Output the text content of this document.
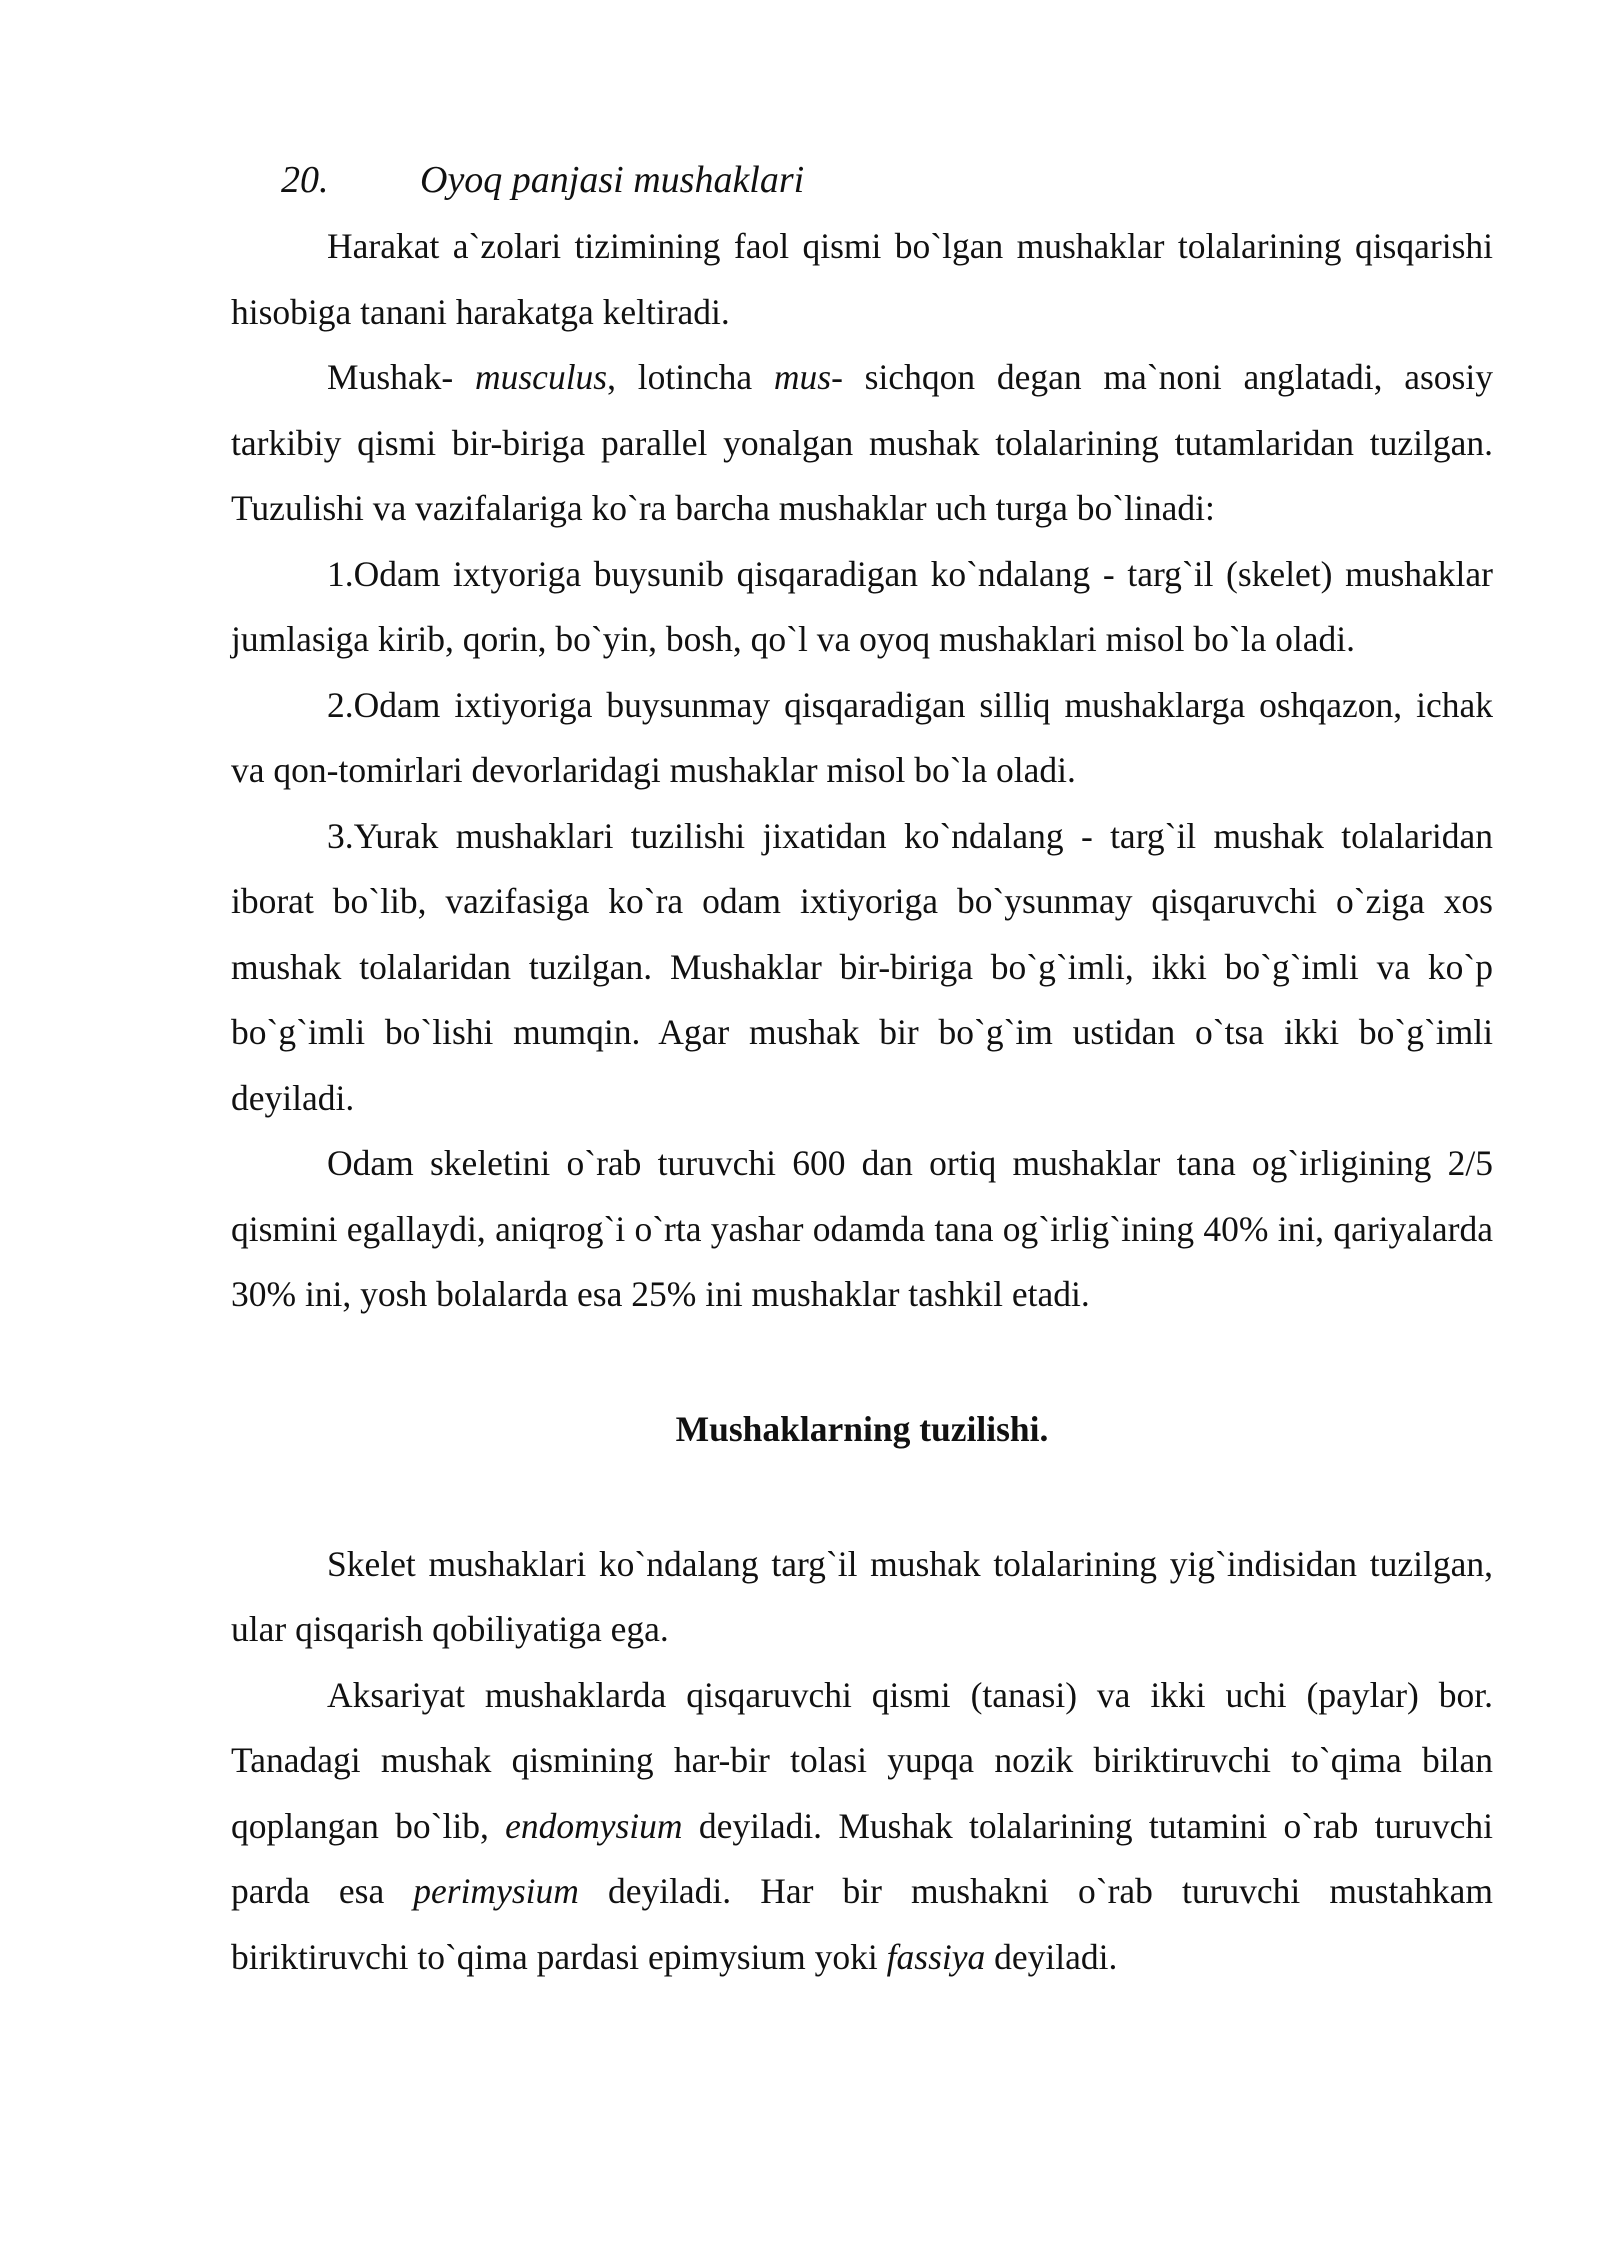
20. Oyoq panjasi mushaklari

Harakat a`zolari tizimining faol qismi bo`lgan mushaklar tolalarining qisqarishi hisobiga tanani harakatga keltiradi.

Mushak- musculus, lotincha mus- sichqon degan ma`noni anglatadi, asosiy tarkibiy qismi bir-biriga parallel yonalgan mushak tolalarining tutamlaridan tuzilgan. Tuzulishi va vazifalariga ko`ra barcha mushaklar uch turga bo`linadi:

1.Odam ixtyoriga buysunib qisqaradigan ko`ndalang - targ`il (skelet) mushaklar jumlasiga kirib, qorin, bo`yin, bosh, qo`l va oyoq mushaklari misol bo`la oladi.

2.Odam ixtiyoriga buysunmay qisqaradigan silliq mushaklarga oshqazon, ichak va qon-tomirlari devorlaridagi mushaklar misol bo`la oladi.

3.Yurak mushaklari tuzilishi jixatidan ko`ndalang - targ`il mushak tolalaridan iborat bo`lib, vazifasiga ko`ra odam ixtiyoriga bo`ysunmay qisqaruvchi o`ziga xos mushak tolalaridan tuzilgan. Mushaklar bir-biriga bo`g`imli, ikki bo`g`imli va ko`p bo`g`imli bo`lishi mumqin. Agar mushak bir bo`g`im ustidan o`tsa ikki bo`g`imli deyiladi.

Odam skeletini o`rab turuvchi 600 dan ortiq mushaklar tana og`irligining 2/5 qismini egallaydi, aniqrog`i o`rta yashar odamda tana og`irlig`ining 40% ini, qariyalarda 30% ini, yosh bolalarda esa 25% ini mushaklar tashkil etadi.

Mushaklarning tuzilishi.

Skelet mushaklari ko`ndalang targ`il mushak tolalarining yig`indisidan tuzilgan, ular qisqarish qobiliyatiga ega.

Aksariyat mushaklarda qisqaruvchi qismi (tanasi) va ikki uchi (paylar) bor. Tanadagi mushak qismining har-bir tolasi yupqa nozik biriktiruvchi to`qima bilan qoplangan bo`lib, endomysium deyiladi. Mushak tolalarining tutamini o`rab turuvchi parda esa perimysium deyiladi. Har bir mushakni o`rab turuvchi mustahkam biriktiruvchi to`qima pardasi epimysium yoki fassiya deyiladi.
